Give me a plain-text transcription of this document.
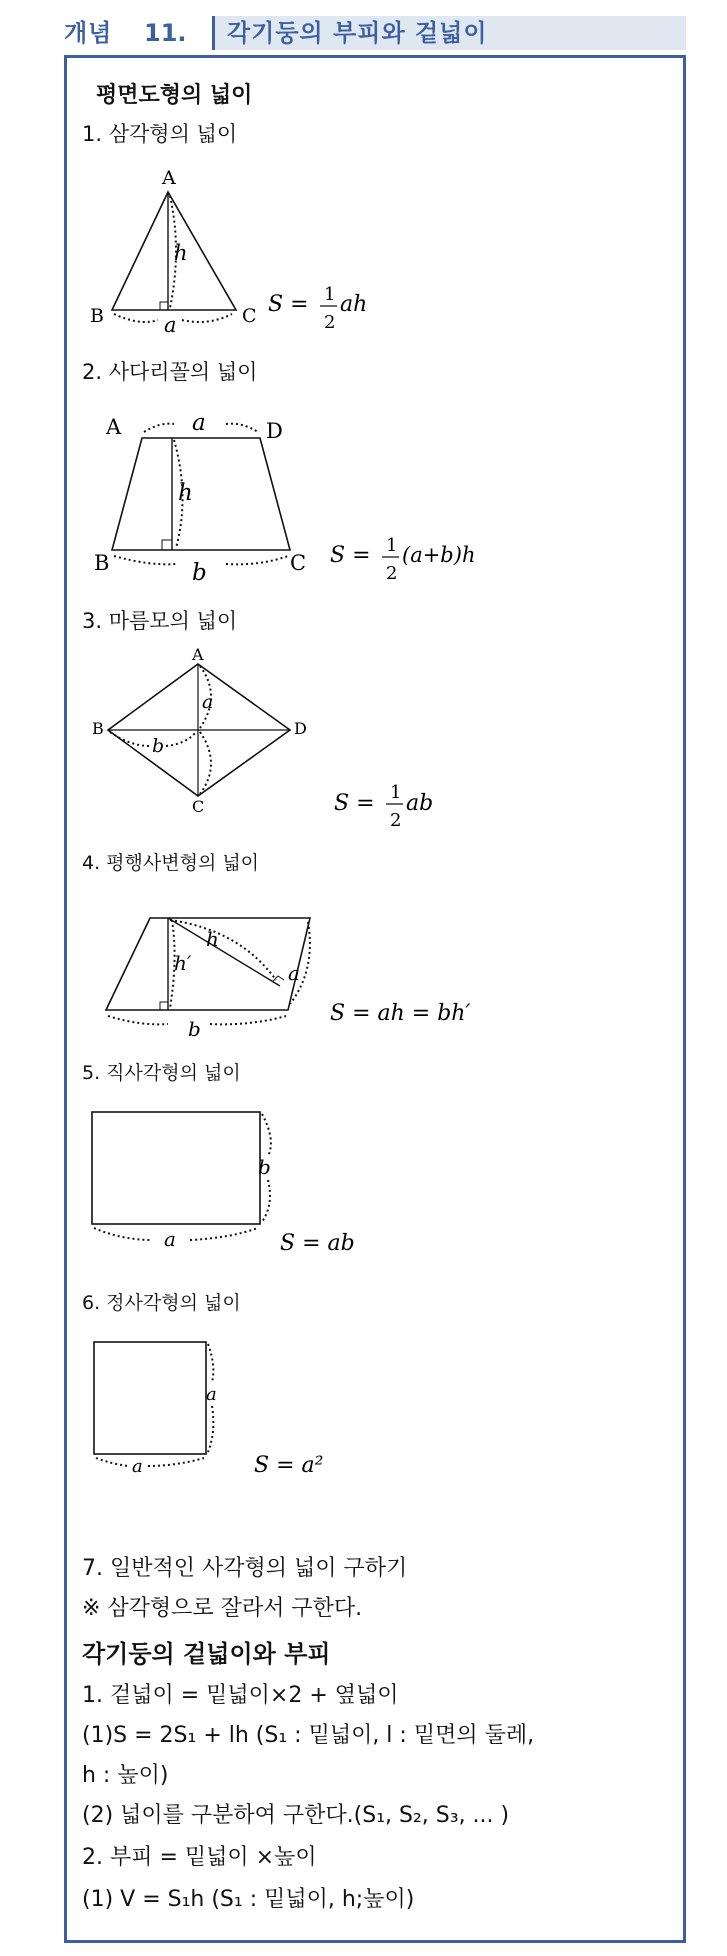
개념 11.	각기둥의 부피와 겉넓이
평면도형의 넓이
1. 삼각형의 넓이
A
B	C
h
a
S = 1
2
ah
2. 사다리꼴의 넓이
A	D
B	C
a
h
b
S = 1
2
(a+b)h
3. 마름모의 넓이
A
B	D
C
a
b
S = 1
2
ab
4. 평행사변형의 넓이
h
h′	a
b
S = ah = bh′
5. 직사각형의 넓이
b
a	S = ab
6. 정사각형의 넓이
a
a	S = a²
7. 일반적인 사각형의 넓이 구하기
※ 삼각형으로 잘라서 구한다.
각기둥의 겉넓이와 부피
1. 겉넓이 = 밑넓이×2 + 옆넓이
(1)S = 2S₁ + lh (S₁ : 밑넓이, l : 밑면의 둘레,
h : 높이)
(2) 넓이를 구분하여 구한다.(S₁, S₂, S₃, ... )
2. 부피 = 밑넓이 ×높이
(1) V = S₁h (S₁ : 밑넓이, h;높이)
